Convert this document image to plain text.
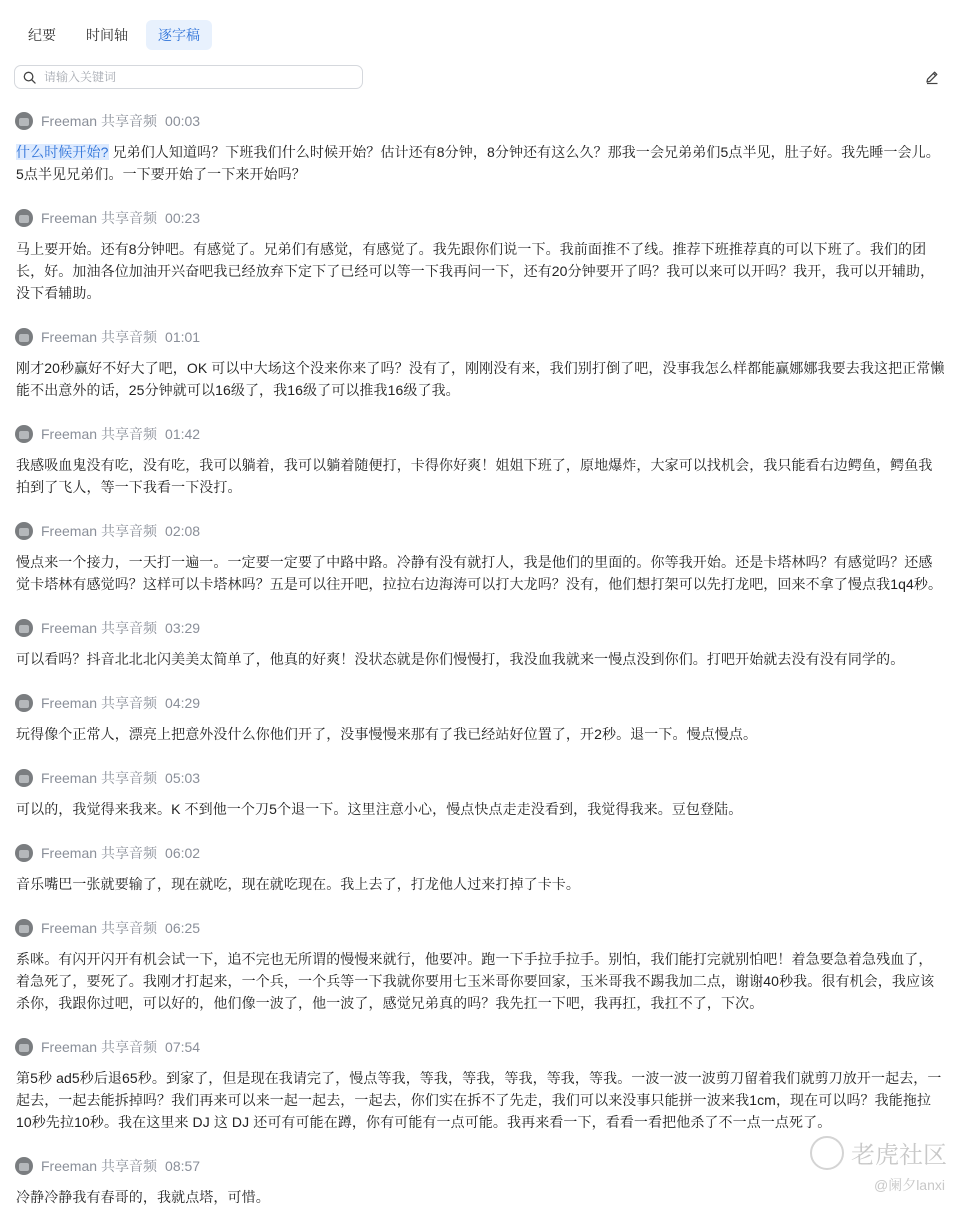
纪要	时间轴	逐字稿
请输入关键词
Freeman 共享音频 00:03
什么时候开始? 兄弟们人知道吗？下班我们什么时候开始？估计还有8分钟，8分钟还有这么久？那我一会兄弟弟们5点半见，肚子好。我先睡一会儿。5点半见兄弟们。一下要开始了一下来开始吗？
Freeman 共享音频 00:23
马上要开始。还有8分钟吧。有感觉了。兄弟们有感觉，有感觉了。我先跟你们说一下。我前面推不了线。推荐下班推荐真的可以下班了。我们的团长，好。加油各位加油开兴奋吧我已经放弃下定下了已经可以等一下我再问一下，还有20分钟要开了吗？我可以来可以开吗？我开，我可以开辅助，没下看辅助。
Freeman 共享音频 01:01
刚才20秒赢好不好大了吧，OK 可以中大场这个没来你来了吗？没有了，刚刚没有来，我们别打倒了吧，没事我怎么样都能赢娜娜我要去我这把正常懒能不出意外的话，25分钟就可以16级了，我16级了可以推我16级了我。
Freeman 共享音频 01:42
我感吸血鬼没有吃，没有吃，我可以躺着，我可以躺着随便打，卡得你好爽！姐姐下班了，原地爆炸，大家可以找机会，我只能看右边鳄鱼，鳄鱼我拍到了飞人，等一下我看一下没打。
Freeman 共享音频 02:08
慢点来一个接力，一天打一遍一。一定要一定要了中路中路。冷静有没有就打人，我是他们的里面的。你等我开始。还是卡塔林吗？有感觉吗？还感觉卡塔林有感觉吗？这样可以卡塔林吗？五是可以往开吧，拉拉右边海涛可以打大龙吗？没有，他们想打架可以先打龙吧，回来不拿了慢点我1q4秒。
Freeman 共享音频 03:29
可以看吗？抖音北北北闪美美太简单了，他真的好爽！没状态就是你们慢慢打，我没血我就来一慢点没到你们。打吧开始就去没有没有同学的。
Freeman 共享音频 04:29
玩得像个正常人，漂亮上把意外没什么你他们开了，没事慢慢来那有了我已经站好位置了，开2秒。退一下。慢点慢点。
Freeman 共享音频 05:03
可以的，我觉得来我来。K 不到他一个刀5个退一下。这里注意小心，慢点快点走走没看到，我觉得我来。豆包登陆。
Freeman 共享音频 06:02
音乐嘴巴一张就要输了，现在就吃，现在就吃现在。我上去了，打龙他人过来打掉了卡卡。
Freeman 共享音频 06:25
系咪。有闪开闪开有机会试一下，追不完也无所谓的慢慢来就行，他要冲。跑一下手拉手拉手。别怕，我们能打完就别怕吧！着急要急着急残血了，着急死了，要死了。我刚才打起来，一个兵，一个兵等一下我就你要用七玉米哥你要回家，玉米哥我不踢我加二点，谢谢40秒我。很有机会，我应该杀你，我跟你过吧，可以好的，他们像一波了，他一波了，感觉兄弟真的吗？我先扛一下吧，我再扛，我扛不了，下次。
Freeman 共享音频 07:54
第5秒 ad5秒后退65秒。到家了，但是现在我请完了，慢点等我，等我，等我，等我，等我，等我。一波一波一波剪刀留着我们就剪刀放开一起去，一起去，一起去能拆掉吗？我们再来可以来一起一起去，一起去，你们实在拆不了先走，我们可以来没事只能拼一波来我1cm，现在可以吗？我能拖拉10秒先拉10秒。我在这里来 DJ 这 DJ 还可有可能在蹲，你有可能有一点可能。我再来看一下，看看一看把他杀了不一点一点死了。
Freeman 共享音频 08:57
冷静冷静我有春哥的，我就点塔，可惜。
老虎社区
@阑夕lanxi
